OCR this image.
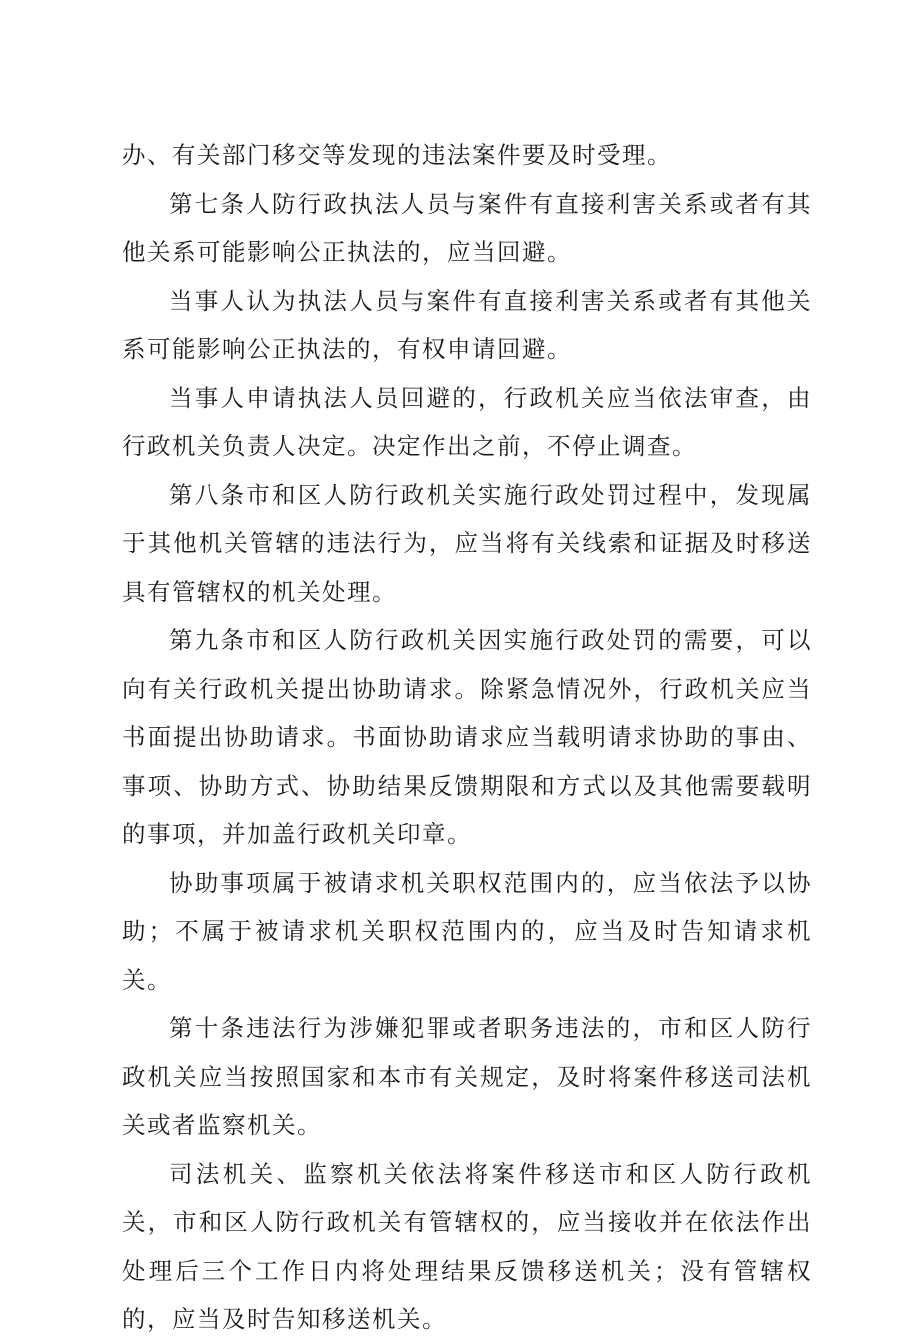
办、有关部门移交等发现的违法案件要及时受理。

第七条人防行政执法人员与案件有直接利害关系或者有其他关系可能影响公正执法的，应当回避。

当事人认为执法人员与案件有直接利害关系或者有其他关系可能影响公正执法的，有权申请回避。

当事人申请执法人员回避的，行政机关应当依法审查，由行政机关负责人决定。决定作出之前，不停止调查。

第八条市和区人防行政机关实施行政处罚过程中，发现属于其他机关管辖的违法行为，应当将有关线索和证据及时移送具有管辖权的机关处理。

第九条市和区人防行政机关因实施行政处罚的需要，可以向有关行政机关提出协助请求。除紧急情况外，行政机关应当书面提出协助请求。书面协助请求应当载明请求协助的事由、事项、协助方式、协助结果反馈期限和方式以及其他需要载明的事项，并加盖行政机关印章。

协助事项属于被请求机关职权范围内的，应当依法予以协助；不属于被请求机关职权范围内的，应当及时告知请求机关。

第十条违法行为涉嫌犯罪或者职务违法的，市和区人防行政机关应当按照国家和本市有关规定，及时将案件移送司法机关或者监察机关。

司法机关、监察机关依法将案件移送市和区人防行政机关，市和区人防行政机关有管辖权的，应当接收并在依法作出处理后三个工作日内将处理结果反馈移送机关；没有管辖权的，应当及时告知移送机关。
